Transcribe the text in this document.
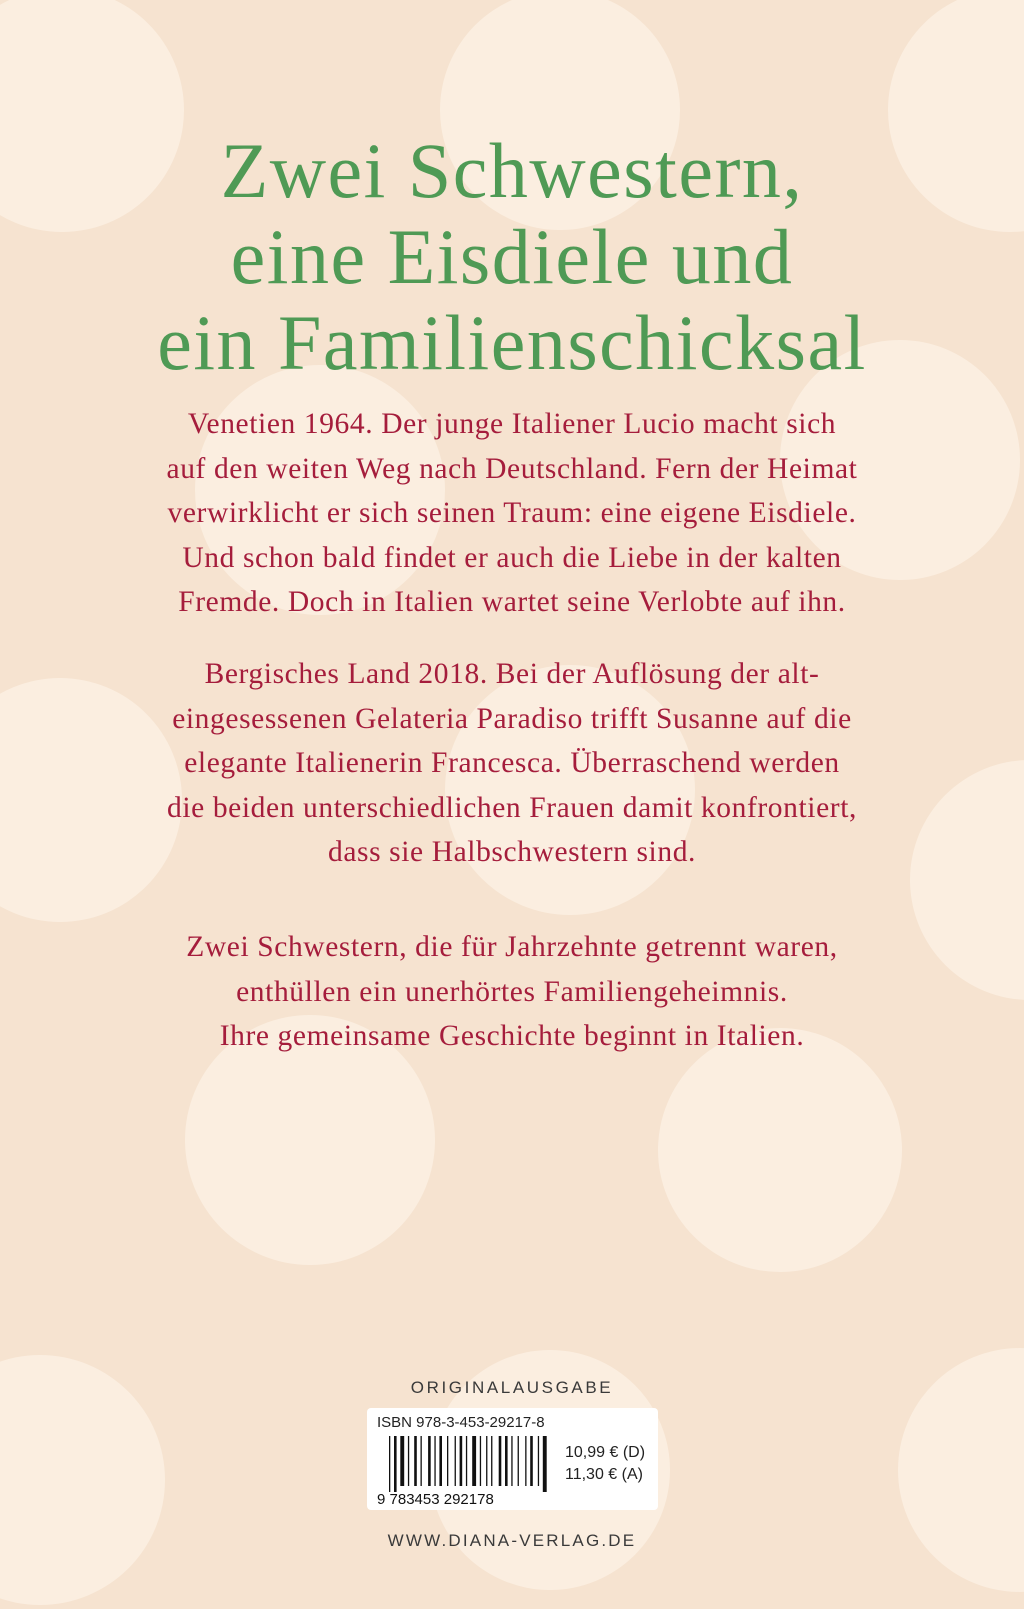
Zwei Schwestern,
eine Eisdiele und
ein Familienschicksal
Venetien 1964. Der junge Italiener Lucio macht sich
auf den weiten Weg nach Deutschland. Fern der Heimat
verwirklicht er sich seinen Traum: eine eigene Eisdiele.
Und schon bald findet er auch die Liebe in der kalten
Fremde. Doch in Italien wartet seine Verlobte auf ihn.
Bergisches Land 2018. Bei der Auflösung der alt-
eingesessenen Gelateria Paradiso trifft Susanne auf die
elegante Italienerin Francesca. Überraschend werden
die beiden unterschiedlichen Frauen damit konfrontiert,
dass sie Halbschwestern sind.
Zwei Schwestern, die für Jahrzehnte getrennt waren,
enthüllen ein unerhörtes Familiengeheimnis.
Ihre gemeinsame Geschichte beginnt in Italien.
ORIGINALAUSGABE
ISBN 978-3-453-29217-8
9 783453 292178
10,99 € (D)
11,30 € (A)
WWW.DIANA-VERLAG.DE
